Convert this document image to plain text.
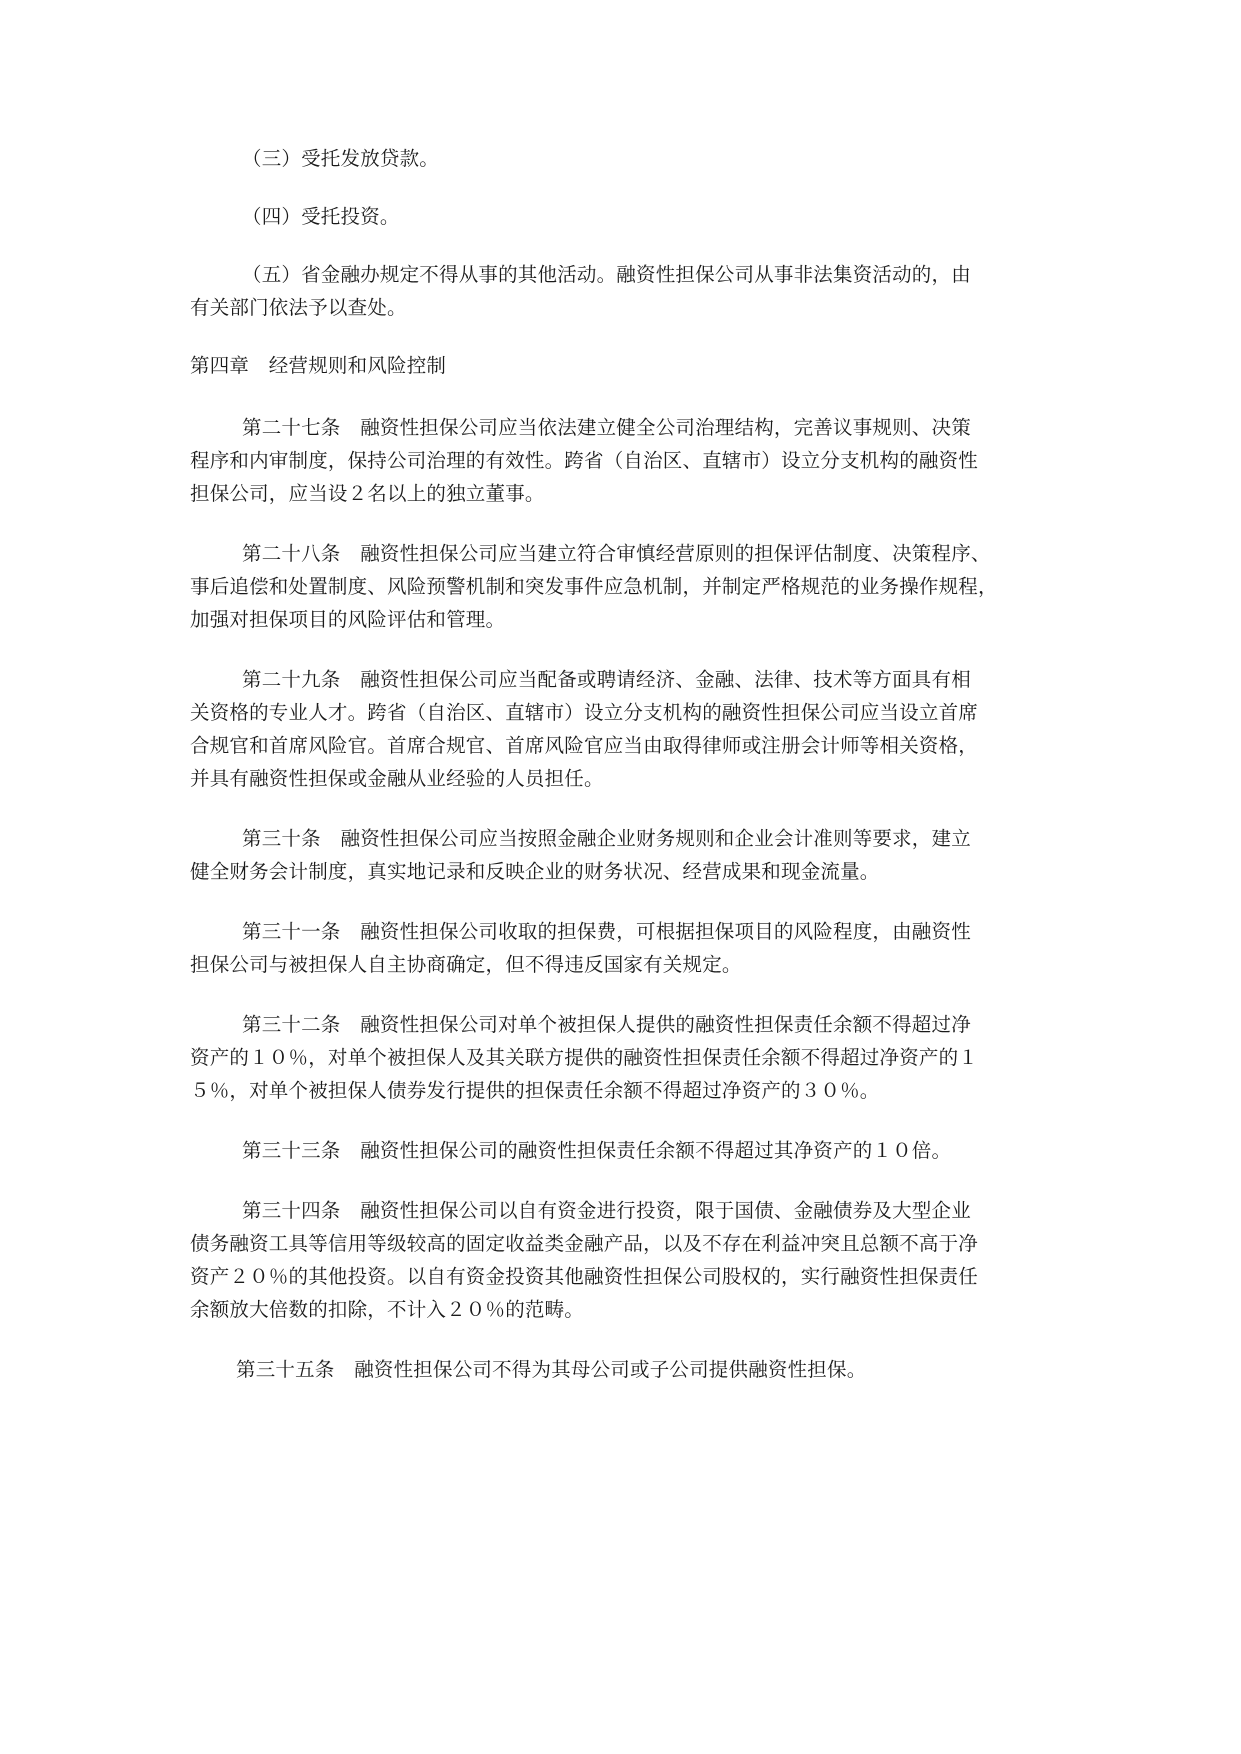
（三）受托发放贷款。
（四）受托投资。
（五）省金融办规定不得从事的其他活动。融资性担保公司从事非法集资活动的，由
有关部门依法予以查处。
第四章　经营规则和风险控制
第二十七条　融资性担保公司应当依法建立健全公司治理结构，完善议事规则、决策
程序和内审制度，保持公司治理的有效性。跨省（自治区、直辖市）设立分支机构的融资性
担保公司，应当设２名以上的独立董事。
第二十八条　融资性担保公司应当建立符合审慎经营原则的担保评估制度、决策程序、
事后追偿和处置制度、风险预警机制和突发事件应急机制，并制定严格规范的业务操作规程，
加强对担保项目的风险评估和管理。
第二十九条　融资性担保公司应当配备或聘请经济、金融、法律、技术等方面具有相
关资格的专业人才。跨省（自治区、直辖市）设立分支机构的融资性担保公司应当设立首席
合规官和首席风险官。首席合规官、首席风险官应当由取得律师或注册会计师等相关资格，
并具有融资性担保或金融从业经验的人员担任。
第三十条　融资性担保公司应当按照金融企业财务规则和企业会计准则等要求，建立
健全财务会计制度，真实地记录和反映企业的财务状况、经营成果和现金流量。
第三十一条　融资性担保公司收取的担保费，可根据担保项目的风险程度，由融资性
担保公司与被担保人自主协商确定，但不得违反国家有关规定。
第三十二条　融资性担保公司对单个被担保人提供的融资性担保责任余额不得超过净
资产的１０％，对单个被担保人及其关联方提供的融资性担保责任余额不得超过净资产的１
５％，对单个被担保人债券发行提供的担保责任余额不得超过净资产的３０％。
第三十三条　融资性担保公司的融资性担保责任余额不得超过其净资产的１０倍。
第三十四条　融资性担保公司以自有资金进行投资，限于国债、金融债券及大型企业
债务融资工具等信用等级较高的固定收益类金融产品，以及不存在利益冲突且总额不高于净
资产２０％的其他投资。以自有资金投资其他融资性担保公司股权的，实行融资性担保责任
余额放大倍数的扣除，不计入２０％的范畴。
第三十五条　融资性担保公司不得为其母公司或子公司提供融资性担保。
